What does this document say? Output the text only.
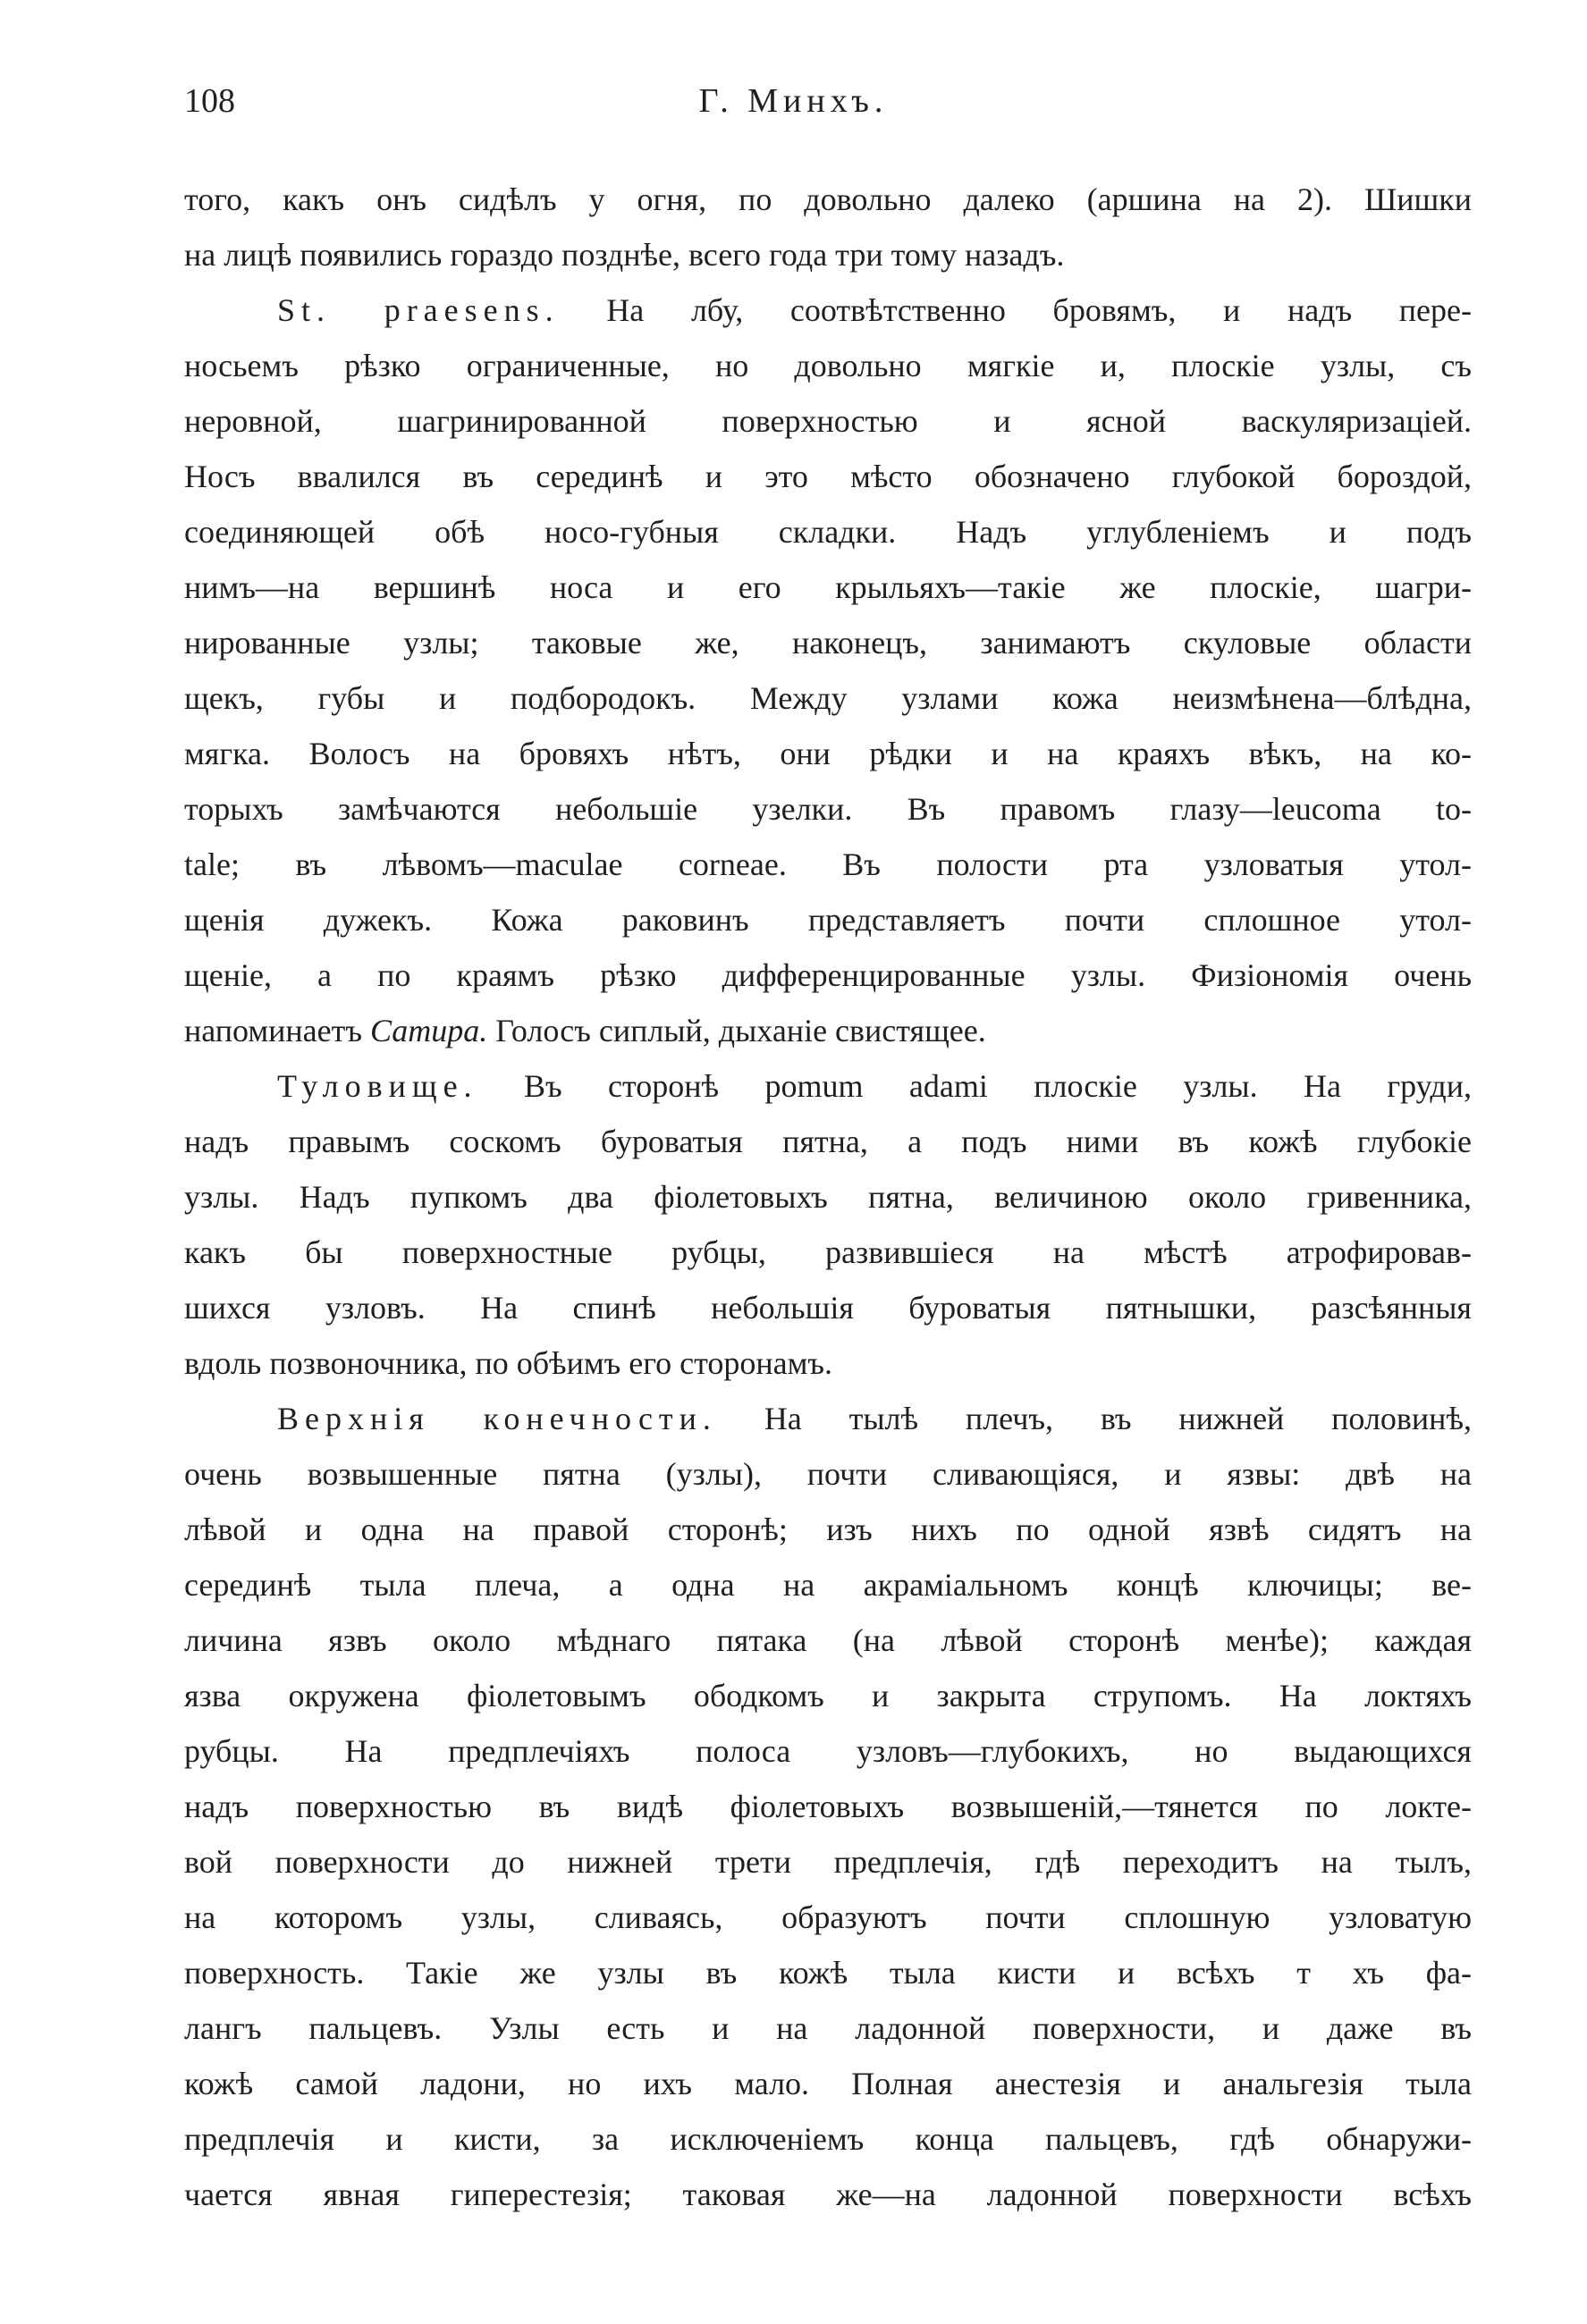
108	Г. Минхъ.
того, какъ онъ сидѣлъ у огня, по довольно далеко (аршина на 2). Шишки
на лицѣ появились гораздо позднѣе, всего года три тому назадъ.
St. praesens. На лбу, соотвѣтственно бровямъ, и надъ пере-
носьемъ рѣзко ограниченные, но довольно мягкіе и, плоскіе узлы, съ
неровной, шагринированной поверхностью и ясной васкуляризаціей.
Носъ ввалился въ серединѣ и это мѣсто обозначено глубокой бороздой,
соединяющей обѣ носо-губныя складки. Надъ углубленіемъ и подъ
нимъ—на вершинѣ носа и его крыльяхъ—такіе же плоскіе, шагри-
нированные узлы; таковые же, наконецъ, занимаютъ скуловые области
щекъ, губы и подбородокъ. Между узлами кожа неизмѣнена—блѣдна,
мягка. Волосъ на бровяхъ нѣтъ, они рѣдки и на краяхъ вѣкъ, на ко-
торыхъ замѣчаются небольшіе узелки. Въ правомъ глазу—leucoma to-
tale; въ лѣвомъ—maculae corneae. Въ полости рта узловатыя утол-
щенія дужекъ. Кожа раковинъ представляетъ почти сплошное утол-
щеніе, а по краямъ рѣзко дифференцированные узлы. Физіономія очень
напоминаетъ Сатира. Голосъ сиплый, дыханіе свистящее.
Туловище. Въ сторонѣ pomum adami плоскіе узлы. На груди,
надъ правымъ соскомъ буроватыя пятна, а подъ ними въ кожѣ глубокіе
узлы. Надъ пупкомъ два фіолетовыхъ пятна, величиною около гривенника,
какъ бы поверхностные рубцы, развившіеся на мѣстѣ атрофировав-
шихся узловъ. На спинѣ небольшія буроватыя пятнышки, разсѣянныя
вдоль позвоночника, по обѣимъ его сторонамъ.
Верхнія конечности. На тылѣ плечъ, въ нижней половинѣ,
очень возвышенные пятна (узлы), почти сливающіяся, и язвы: двѣ на
лѣвой и одна на правой сторонѣ; изъ нихъ по одной язвѣ сидятъ на
серединѣ тыла плеча, а одна на акраміальномъ концѣ ключицы; ве-
личина язвъ около мѣднаго пятака (на лѣвой сторонѣ менѣе); каждая
язва окружена фіолетовымъ ободкомъ и закрыта струпомъ. На локтяхъ
рубцы. На предплечіяхъ полоса узловъ—глубокихъ, но выдающихся
надъ поверхностью въ видѣ фіолетовыхъ возвышеній,—тянется по локте-
вой поверхности до нижней трети предплечія, гдѣ переходитъ на тылъ,
на которомъ узлы, сливаясь, образуютъ почти сплошную узловатую
поверхность. Такіе же узлы въ кожѣ тыла кисти и всѣхъ т хъ фа-
лангъ пальцевъ. Узлы есть и на ладонной поверхности, и даже въ
кожѣ самой ладони, но ихъ мало. Полная анестезія и анальгезія тыла
предплечія и кисти, за исключеніемъ конца пальцевъ, гдѣ обнаружи-
чается явная гиперестезія; таковая же—на ладонной поверхности всѣхъ
